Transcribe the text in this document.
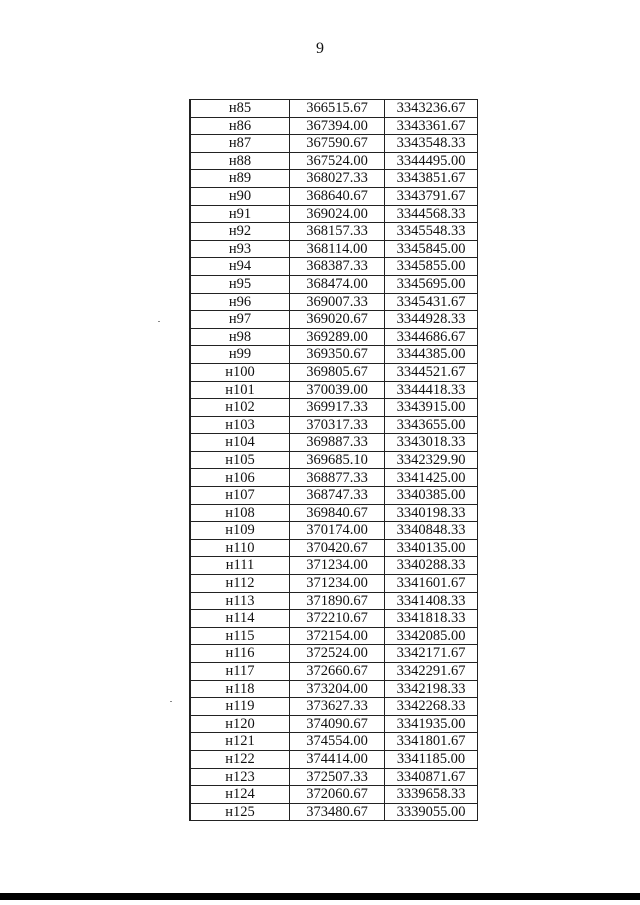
9
н85	366515.67	3343236.67
н86	367394.00	3343361.67
н87	367590.67	3343548.33
н88	367524.00	3344495.00
н89	368027.33	3343851.67
н90	368640.67	3343791.67
н91	369024.00	3344568.33
н92	368157.33	3345548.33
н93	368114.00	3345845.00
н94	368387.33	3345855.00
н95	368474.00	3345695.00
н96	369007.33	3345431.67
н97	369020.67	3344928.33
н98	369289.00	3344686.67
н99	369350.67	3344385.00
н100	369805.67	3344521.67
н101	370039.00	3344418.33
н102	369917.33	3343915.00
н103	370317.33	3343655.00
н104	369887.33	3343018.33
н105	369685.10	3342329.90
н106	368877.33	3341425.00
н107	368747.33	3340385.00
н108	369840.67	3340198.33
н109	370174.00	3340848.33
н110	370420.67	3340135.00
н111	371234.00	3340288.33
н112	371234.00	3341601.67
н113	371890.67	3341408.33
н114	372210.67	3341818.33
н115	372154.00	3342085.00
н116	372524.00	3342171.67
н117	372660.67	3342291.67
н118	373204.00	3342198.33
н119	373627.33	3342268.33
н120	374090.67	3341935.00
н121	374554.00	3341801.67
н122	374414.00	3341185.00
н123	372507.33	3340871.67
н124	372060.67	3339658.33
н125	373480.67	3339055.00
